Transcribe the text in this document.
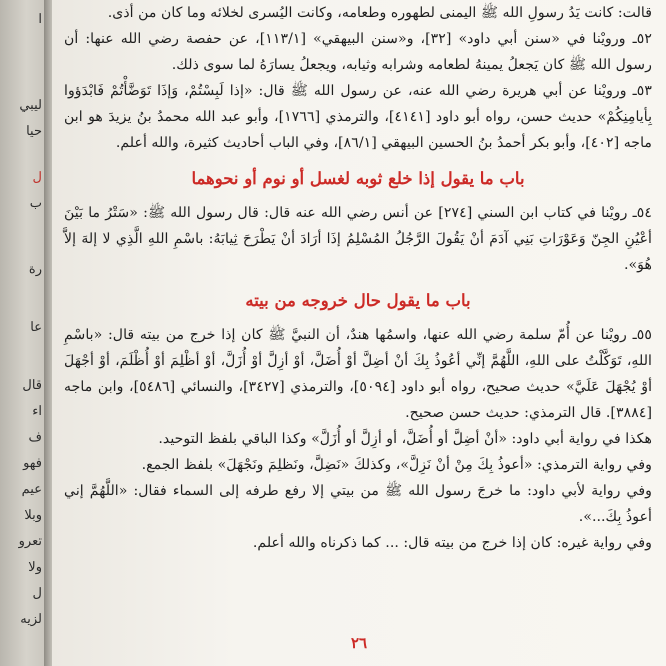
ا
ليبي
حيا
ل
ب
رة
عا
قال
اء
ف
فهو
عيم
وبلا
تعرو
ولا
ل
لزيه

قالت: كانت يَدُ رسولِ الله ﷺ اليمنى لطهوره وطعامه، وكانت اليُسرى لخلائه وما كان من أذى.

٥٢ـ ورويْنا في «سنن أبي داود» [٣٢]، و«سنن البيهقي» [١١٣/١]، عن حفصة رضي الله عنها: أن رسول الله ﷺ كان يَجعلُ يمينهُ لطعامه وشرابه وثيابه، ويجعلُ يسارَهُ لما سوى ذلك.

٥٣ـ ورويْنا عن أبي هريرة رضي الله عنه، عن رسول الله ﷺ قال: «إذا لَبِسْتُمْ، وَإذَا تَوَضَّأْتُمْ فَابْدَؤوا بِأيامِنِكُمْ» حديث حسن، رواه أبو داود [٤١٤١]، والترمذي [١٧٦٦]، وأبو عبد الله محمدُ بنُ يزيدَ هو ابن ماجه [٤٠٢]، وأبو بكر أحمدُ بنُ الحسين البيهقي [٨٦/١]، وفي الباب أحاديث كثيرة، والله أعلم.

باب ما يقول إذا خلع ثوبه لغسل أو نوم أو نحوهما

٥٤ـ رويْنا في كتاب ابن السني [٢٧٤] عن أنس رضي الله عنه قال: قال رسول الله ﷺ: «سَتْرُ ما بَيْنَ أعْيُنِ الجِنّ وَعَوْرَاتِ بَنِي آدَمَ أنْ يَقُولَ الرَّجُلُ المُسْلِمُ إذَا أرَادَ أنْ يَطْرَحَ ثِيابَهُ: باسْمِ اللهِ الَّذِي لا إلهَ إلاَّ هُوَ».

باب ما يقول حال خروجه من بيته

٥٥ـ رويْنا عن أُمّ سلمة رضي الله عنها، واسمُها هندٌ، أن النبيَّ ﷺ كان إذا خرج من بيته قال: «باسْمِ اللهِ، تَوَكَّلْتُ على اللهِ، اللَّهُمَّ إنِّي أعُوذُ بِكَ أنْ أضِلَّ أوْ أُضَلَّ، أوْ أزِلَّ أوْ أُزَلَّ، أوْ أظْلِمَ أوْ أُظْلَمَ، أوْ أجْهَلَ أوْ يُجْهَلَ عَلَيَّ» حديث صحيح، رواه أبو داود [٥٠٩٤]، والترمذي [٣٤٢٧]، والنسائي [٥٤٨٦]، وابن ماجه [٣٨٨٤]. قال الترمذي: حديث حسن صحيح.

هكذا في رواية أبي داود: «أنْ أضِلَّ أو أُضَلَّ، أو أزِلَّ أو أُزَلَّ» وكذا الباقي بلفظ التوحيد.

وفي رواية الترمذي: «أعوذُ بِكَ مِنْ أنْ نَزِلَّ»، وكذلكَ «نَضِلَّ، ونَظلِمَ ونَجْهَلَ» بلفظ الجمع.

وفي رواية لأبي داود: ما خرجَ رسول الله ﷺ من بيتي إلا رفع طرفه إلى السماء فقال: «اللَّهُمَّ إني أعوذُ بِكَ...».

وفي رواية غيره: كان إذا خرج من بيته قال: ... كما ذكرناه والله أعلم.

٢٦
